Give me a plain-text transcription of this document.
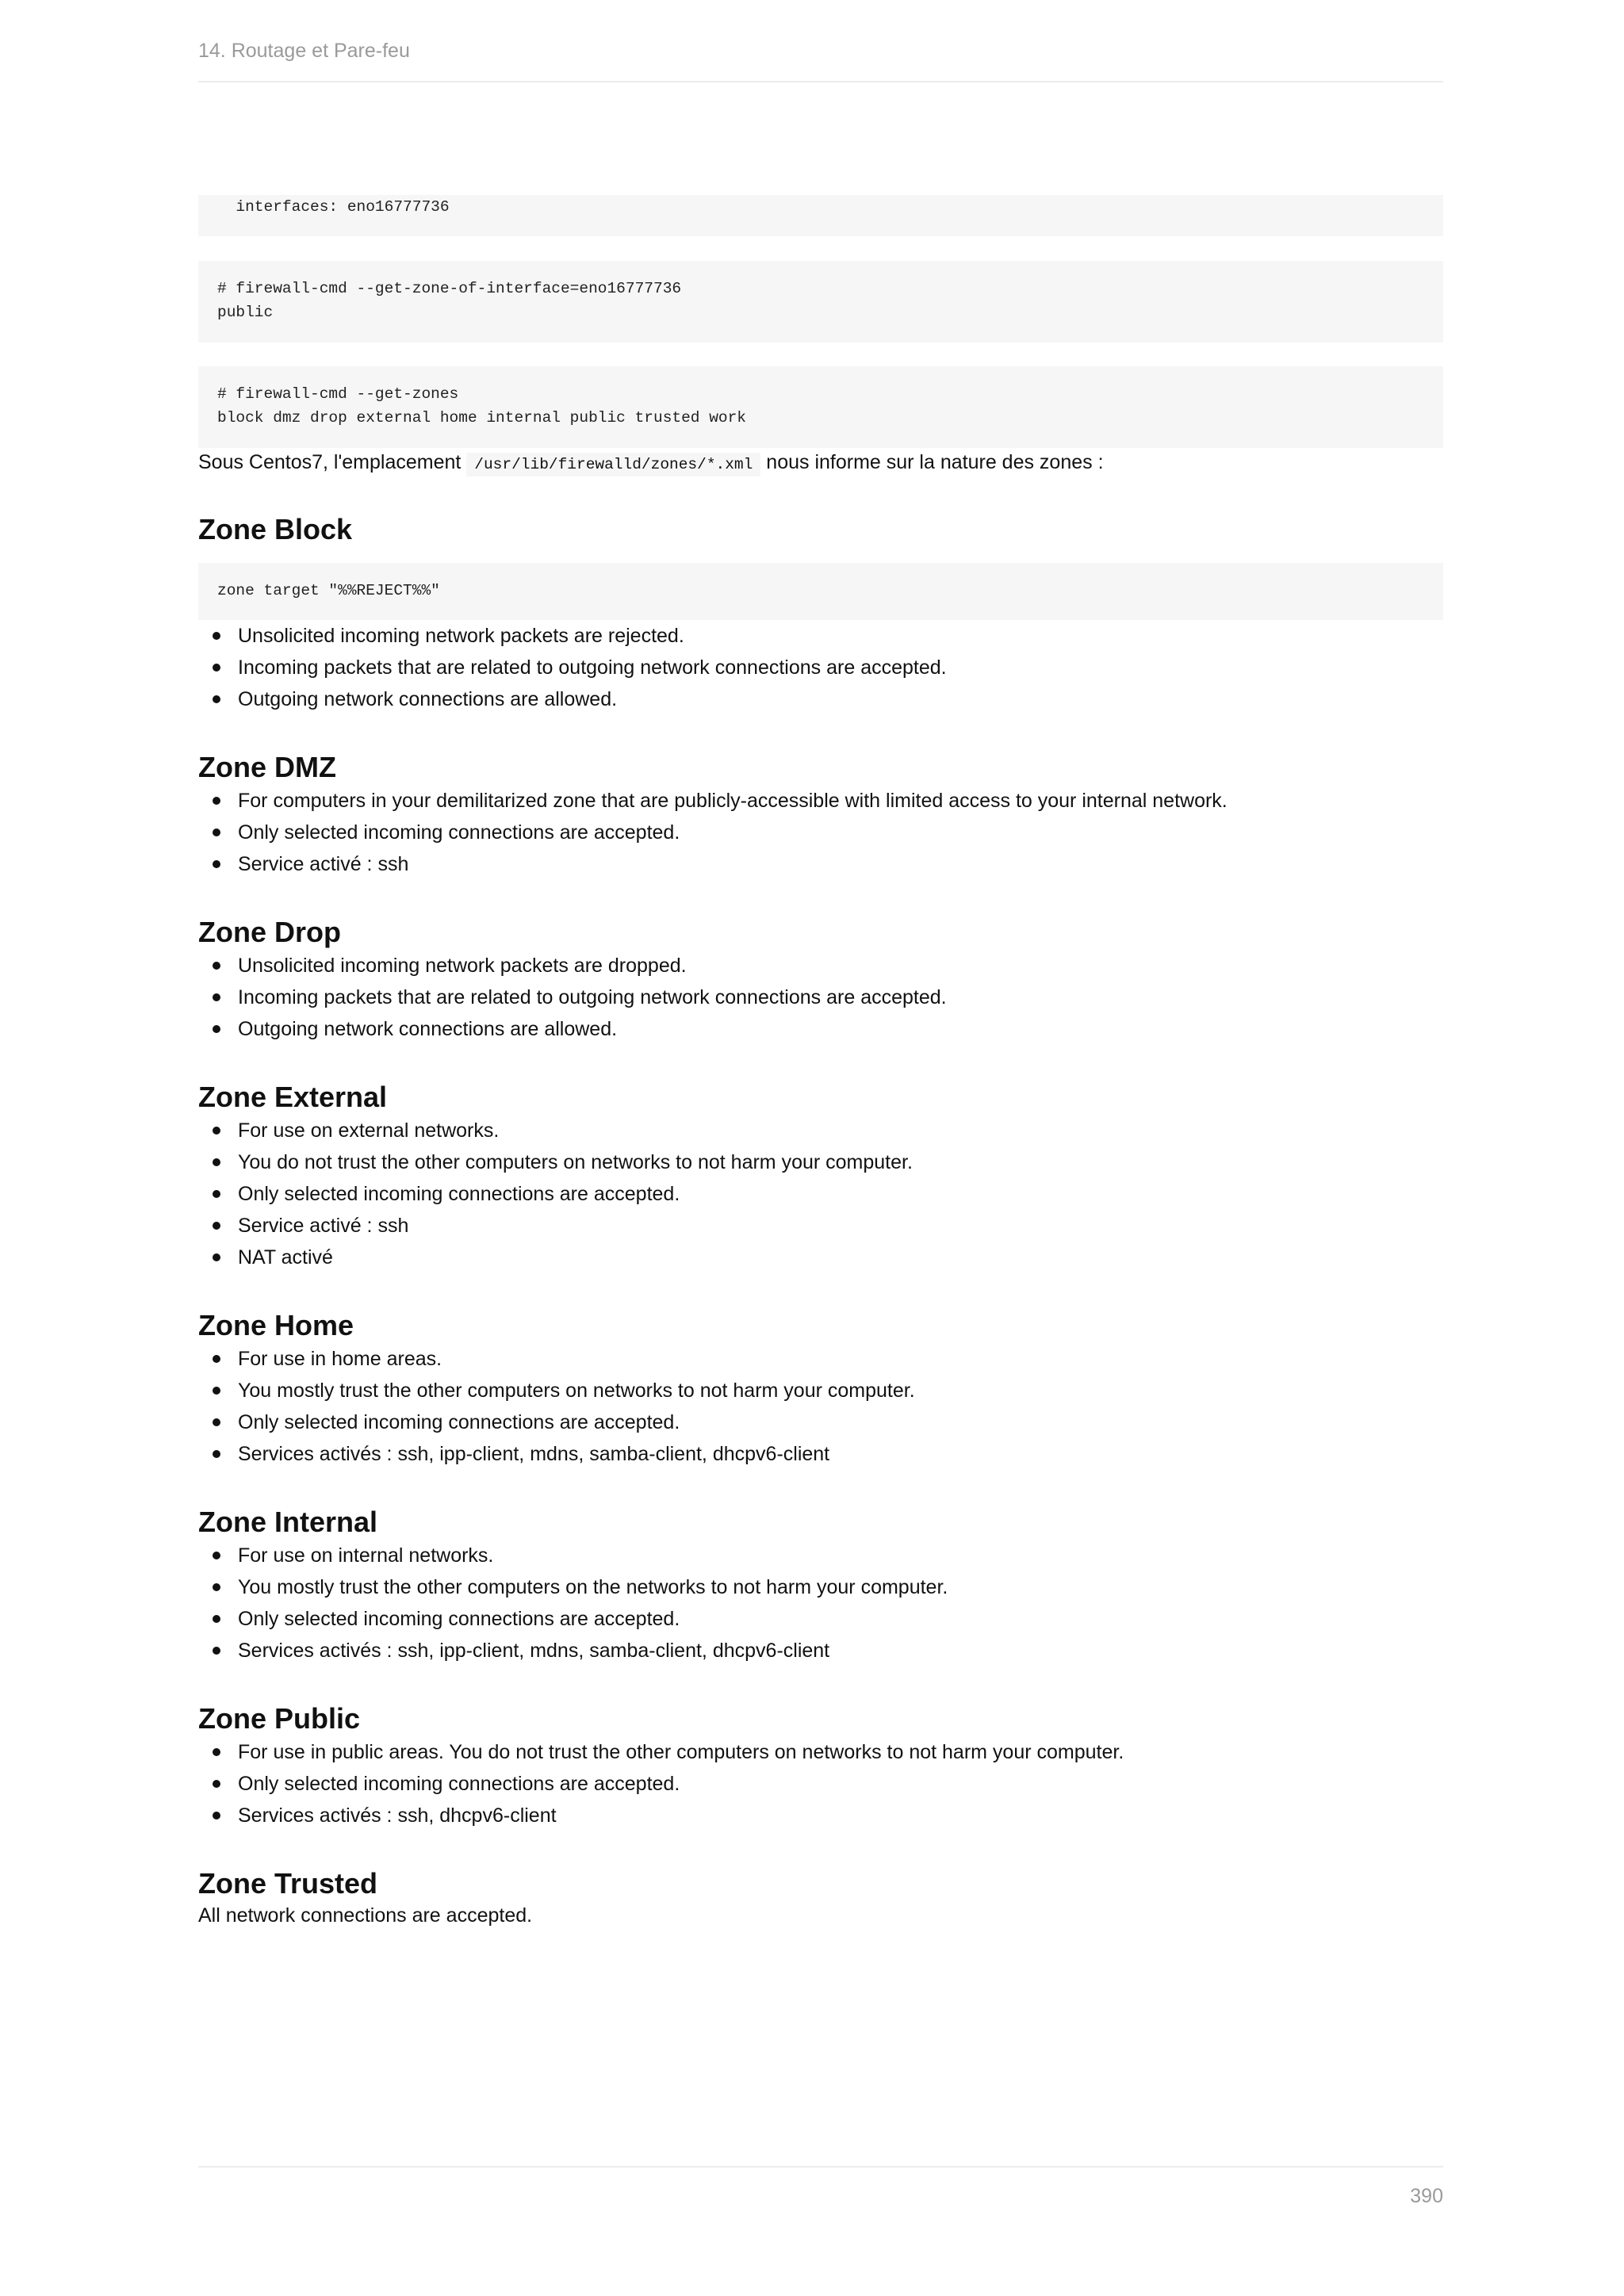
14. Routage et Pare-feu
interfaces: eno16777736
# firewall-cmd --get-zone-of-interface=eno16777736
public
# firewall-cmd --get-zones
block dmz drop external home internal public trusted work

Sous Centos7, l'emplacement /usr/lib/firewalld/zones/*.xml nous informe sur la nature des zones :

Zone Block
zone target "%%REJECT%%"
Unsolicited incoming network packets are rejected.
Incoming packets that are related to outgoing network connections are accepted.
Outgoing network connections are allowed.
Zone DMZ
For computers in your demilitarized zone that are publicly-accessible with limited access to your internal network.
Only selected incoming connections are accepted.
Service activé : ssh
Zone Drop
Unsolicited incoming network packets are dropped.
Incoming packets that are related to outgoing network connections are accepted.
Outgoing network connections are allowed.
Zone External
For use on external networks.
You do not trust the other computers on networks to not harm your computer.
Only selected incoming connections are accepted.
Service activé : ssh
NAT activé
Zone Home
For use in home areas.
You mostly trust the other computers on networks to not harm your computer.
Only selected incoming connections are accepted.
Services activés : ssh, ipp-client, mdns, samba-client, dhcpv6-client
Zone Internal
For use on internal networks.
You mostly trust the other computers on the networks to not harm your computer.
Only selected incoming connections are accepted.
Services activés : ssh, ipp-client, mdns, samba-client, dhcpv6-client
Zone Public
For use in public areas. You do not trust the other computers on networks to not harm your computer.
Only selected incoming connections are accepted.
Services activés : ssh, dhcpv6-client
Zone Trusted

All network connections are accepted.

390
